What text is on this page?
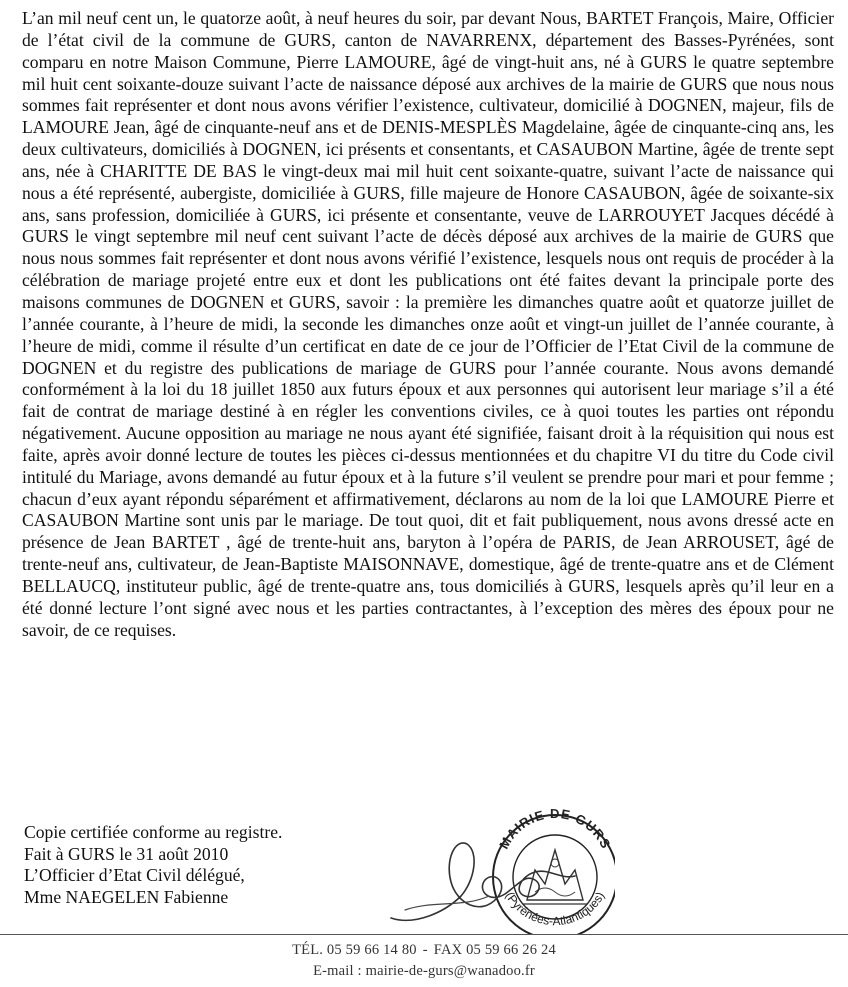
L’an mil neuf cent un, le quatorze août, à neuf heures du soir, par devant Nous, BARTET François, Maire, Officier de l’état civil de la commune de GURS, canton de NAVARRENX, département des Basses-Pyrénées, sont comparu en notre Maison Commune, Pierre LAMOURE, âgé de vingt-huit ans, né à GURS le quatre septembre mil huit cent soixante-douze suivant l’acte de naissance déposé aux archives de la mairie de GURS que nous nous sommes fait représenter et dont nous avons vérifier l’existence, cultivateur, domicilié à DOGNEN, majeur, fils de LAMOURE Jean, âgé de cinquante-neuf ans et de DENIS-MESPLÈS Magdelaine, âgée de cinquante-cinq ans, les deux cultivateurs, domiciliés à DOGNEN, ici présents et consentants, et CASAUBON Martine, âgée de trente sept ans, née à CHARITTE DE BAS le vingt-deux mai mil huit cent soixante-quatre, suivant l’acte de naissance qui nous a été représenté, aubergiste, domiciliée à GURS, fille majeure de Honore CASAUBON, âgée de soixante-six ans, sans profession, domiciliée à GURS, ici présente et consentante, veuve de LARROUYET Jacques décédé à GURS le vingt septembre mil neuf cent suivant l’acte de décès déposé aux archives de la mairie de GURS que nous nous sommes fait représenter et dont nous avons vérifié l’existence, lesquels nous ont requis de procéder à la célébration de mariage projeté entre eux et dont les publications ont été faites devant la principale porte des maisons communes de DOGNEN et GURS, savoir : la première les dimanches quatre août et quatorze juillet de l’année courante, à l’heure de midi, la seconde les dimanches onze août et vingt-un juillet de l’année courante, à l’heure de midi, comme il résulte d’un certificat en date de ce jour de l’Officier de l’Etat Civil de la commune de DOGNEN et du registre des publications de mariage de GURS pour l’année courante. Nous avons demandé conformément à la loi du 18 juillet 1850 aux futurs époux et aux personnes qui autorisent leur mariage s’il a été fait de contrat de mariage destiné à en régler les conventions civiles, ce à quoi toutes les parties ont répondu négativement. Aucune opposition au mariage ne nous ayant été signifiée, faisant droit à la réquisition qui nous est faite, après avoir donné lecture de toutes les pièces ci-dessus mentionnées et du chapitre VI du titre du Code civil intitulé du Mariage, avons demandé au futur époux et à la future s’il veulent se prendre pour mari et pour femme ; chacun d’eux ayant répondu séparément et affirmativement, déclarons au nom de la loi que LAMOURE Pierre et CASAUBON Martine sont unis par le mariage. De tout quoi, dit et fait publiquement, nous avons dressé acte en présence de Jean BARTET , âgé de trente-huit ans, baryton à l’opéra de PARIS, de Jean ARROUSET, âgé de trente-neuf ans, cultivateur, de Jean-Baptiste MAISONNAVE, domestique, âgé de trente-quatre ans et de Clément BELLAUCQ, instituteur public, âgé de trente-quatre ans, tous domiciliés à GURS, lesquels après qu’il leur en a été donné lecture l’ont signé avec nous et les parties contractantes, à l’exception des mères des époux pour ne savoir, de ce requises.

Copie certifiée conforme au registre.
Fait à GURS le 31 août 2010
L’Officier d’Etat Civil délégué,
Mme NAEGELEN Fabienne
MAIRIE DE GURS
(Pyrénées-Atlantiques)
TÉL. 05 59 66 14 80 - FAX 05 59 66 26 24
E-mail : mairie-de-gurs@wanadoo.fr
